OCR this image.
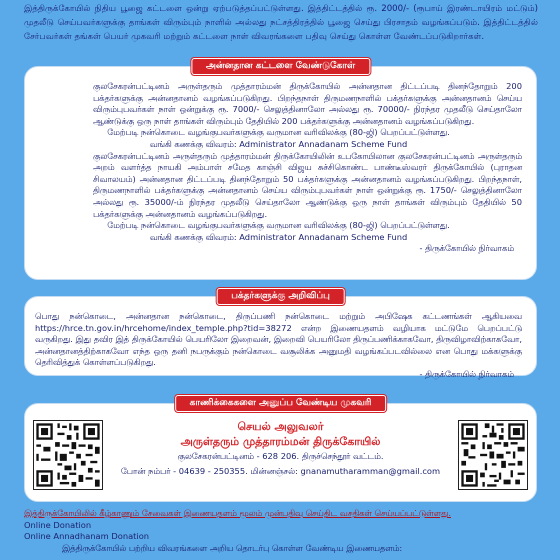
இத்திருக்கோயில் நிதிய பூஜை கட்டளை ஒன்று ஏற்படுத்தப்பட்டுள்ளது. இத்திட்டத்தில் ரூ. 2000/- (ரூபாய் இரண்டாயிரம் மட்டும்) முதலீடு செய்பவர்களுக்கு தாங்கள் விரும்பும் நாளில் அல்லது நட்சத்திரத்தில் பூஜை செய்து பிரசாதம் வழங்கப்படும். இத்திட்டத்தில் சேர்பவர்கள் தங்கள் பெயர் முகவரி மற்றும் கட்டளை நாள் விவரங்களை பதிவு செய்து கொள்ள வேண்டப்படுகிறார்கள்.

அன்னதான கட்டளை வேண்டுகோள்

குலசேகரன்பட்டினம் அருள்தரும் முத்தாரம்மன் திருக்கோயில் அன்னதான திட்டப்படி தினந்தோறும் 200 பக்தர்களுக்கு அன்னதானம் வழங்கப்படுகிறது. பிறந்தநாள் திருமணநாளில் பக்தர்களுக்கு அன்னதானம் செய்ய விரும்புபவர்கள் நாள் ஒன்றுக்கு ரூ. 7000/- செலுத்தினாலோ அல்லது ரூ. 70000/- நிரந்தர முதலீடு செய்தாலோ ஆண்டுக்கு ஒரு நாள் தாங்கள் விரும்பும் தேதியில் 200 பக்தர்களுக்கு அன்னதானம் வழங்கப்படுகிறது.

மேற்படி நன்கொடை வழங்குபவர்களுக்கு வருமான வரிவிலக்கு (80-ஜி) பெறப்பட்டுள்ளது.

வங்கி கணக்கு விவரம்: Administrator Annadanam Scheme Fund

குலசேகரன்பட்டினம் அருள்தரும் முத்தாரம்மன் திருக்கோயிலின் உபகோயிலான குலசேகரன்பட்டினம் அருள்தரும் அறம் வளர்த்த நாயகி அம்பாள் சமேத காஞ்சி விஜய சுச்சிகொண்ட பாண்டீஸ்வரர் திருக்கோயில் (புராதன சிவாலயம்) அன்னதான திட்டப்படி தினந்தோறும் 50 பக்தர்களுக்கு அன்னதானம் வழங்கப்படுகிறது. பிறந்தநாள், திருமணநாளில் பக்தர்களுக்கு அன்னதானம் செய்ய விரும்புபவர்கள் நாள் ஒன்றுக்கு ரூ. 1750/- செலுத்தினாலோ அல்லது ரூ. 35000/-ம் நிரந்தர முதலீடு செய்தாலோ ஆண்டுக்கு ஒரு நாள் தாங்கள் விரும்பும் தேதியில் 50 பக்தர்களுக்கு அன்னதானம் வழங்கப்படுகிறது.

மேற்படி நன்கொடை வழங்குபவர்களுக்கு வருமான வரிவிலக்கு (80-ஜி) பெறப்பட்டுள்ளது.

வங்கி கணக்கு விவரம்: Administrator Annadanam Scheme Fund

- திருக்கோயில் நிர்வாகம்

பக்தர்களுக்கு அறிவிப்பு

பொது நன்கொடை, அன்னதான நன்கொடை, திருப்பணி நன்கொடை மற்றும் அபிஷேக கட்டணங்கள் ஆகியவை https://hrce.tn.gov.in/hrcehome/index_temple.php?tid=38272 என்ற இணையதளம் வழியாக மட்டுமே பெறப்பட்டு வருகிறது. இது தவிர இத் திருக்கோயில் பெயரிலோ இறைவன், இறைவி பெயரிலோ திருப்பணிக்காகவோ, திருவிழாவிற்காகவோ, அன்னதானத்திற்காகவோ எந்த ஒரு தனி நபருக்கும் நன்கொடை வசூலிக்க அனுமதி வழங்கப்படவில்லை என பொது மக்களுக்கு தெரிவித்துக் கொள்ளப்படுகிறது.

- திருக்கோயில் நிர்வாகம்

காணிக்கைகளை அனுப்ப வேண்டிய முகவரி
செயல் அலுவலர்
அருள்தரும் முத்தாரம்மன் திருக்கோயில்
குலசேகரன்பட்டினம் - 628 206. திருச்செந்தூர் வட்டம்.
போன் நம்பர் - 04639 - 250355. மின்னஞ்சல்: gnanamutharamman@gmail.com
இத்திருக்கோயிலில் கீழ்காணும் சேவைகள் இணையதளம் மூலம் முன்பதிவு செய்திட வசதிகள் செய்யப்பட்டுள்ளது.
Online Donation
Online Annadhanam Donation
இத்திருக்கோயில் பற்றிய விவரங்களை அறிய தொடர்பு கொள்ள வேண்டிய இணையதளம்:
